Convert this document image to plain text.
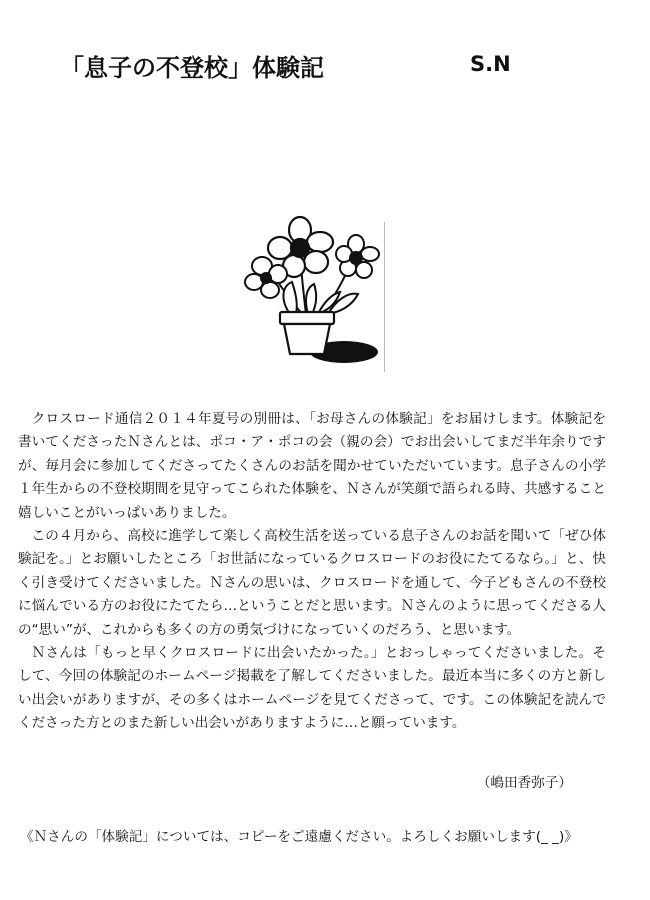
「息子の不登校」体験記	S.N

クロスロード通信２０１４年夏号の別冊は、「お母さんの体験記」をお届けします。体験記を書いてくださったＮさんとは、ポコ・ア・ポコの会（親の会）でお出会いしてまだ半年余りですが、毎月会に参加してくださってたくさんのお話を聞かせていただいています。息子さんの小学１年生からの不登校期間を見守ってこられた体験を、Ｎさんが笑顔で語られる時、共感すること嬉しいことがいっぱいありました。

この４月から、高校に進学して楽しく高校生活を送っている息子さんのお話を聞いて「ぜひ体験記を。」とお願いしたところ「お世話になっているクロスロードのお役にたてるなら。」と、快く引き受けてくださいました。Ｎさんの思いは、クロスロードを通して、今子どもさんの不登校に悩んでいる方のお役にたてたら…ということだと思います。Ｎさんのように思ってくださる人の“思い”が、これからも多くの方の勇気づけになっていくのだろう、と思います。

Ｎさんは「もっと早くクロスロードに出会いたかった。」とおっしゃってくださいました。そして、今回の体験記のホームページ掲載を了解してくださいました。最近本当に多くの方と新しい出会いがありますが、その多くはホームページを見てくださって、です。この体験記を読んでくださった方とのまた新しい出会いがありますように…と願っています。

（嶋田香弥子）
《Ｎさんの「体験記」については、コピーをご遠慮ください。よろしくお願いします(_ _)》
